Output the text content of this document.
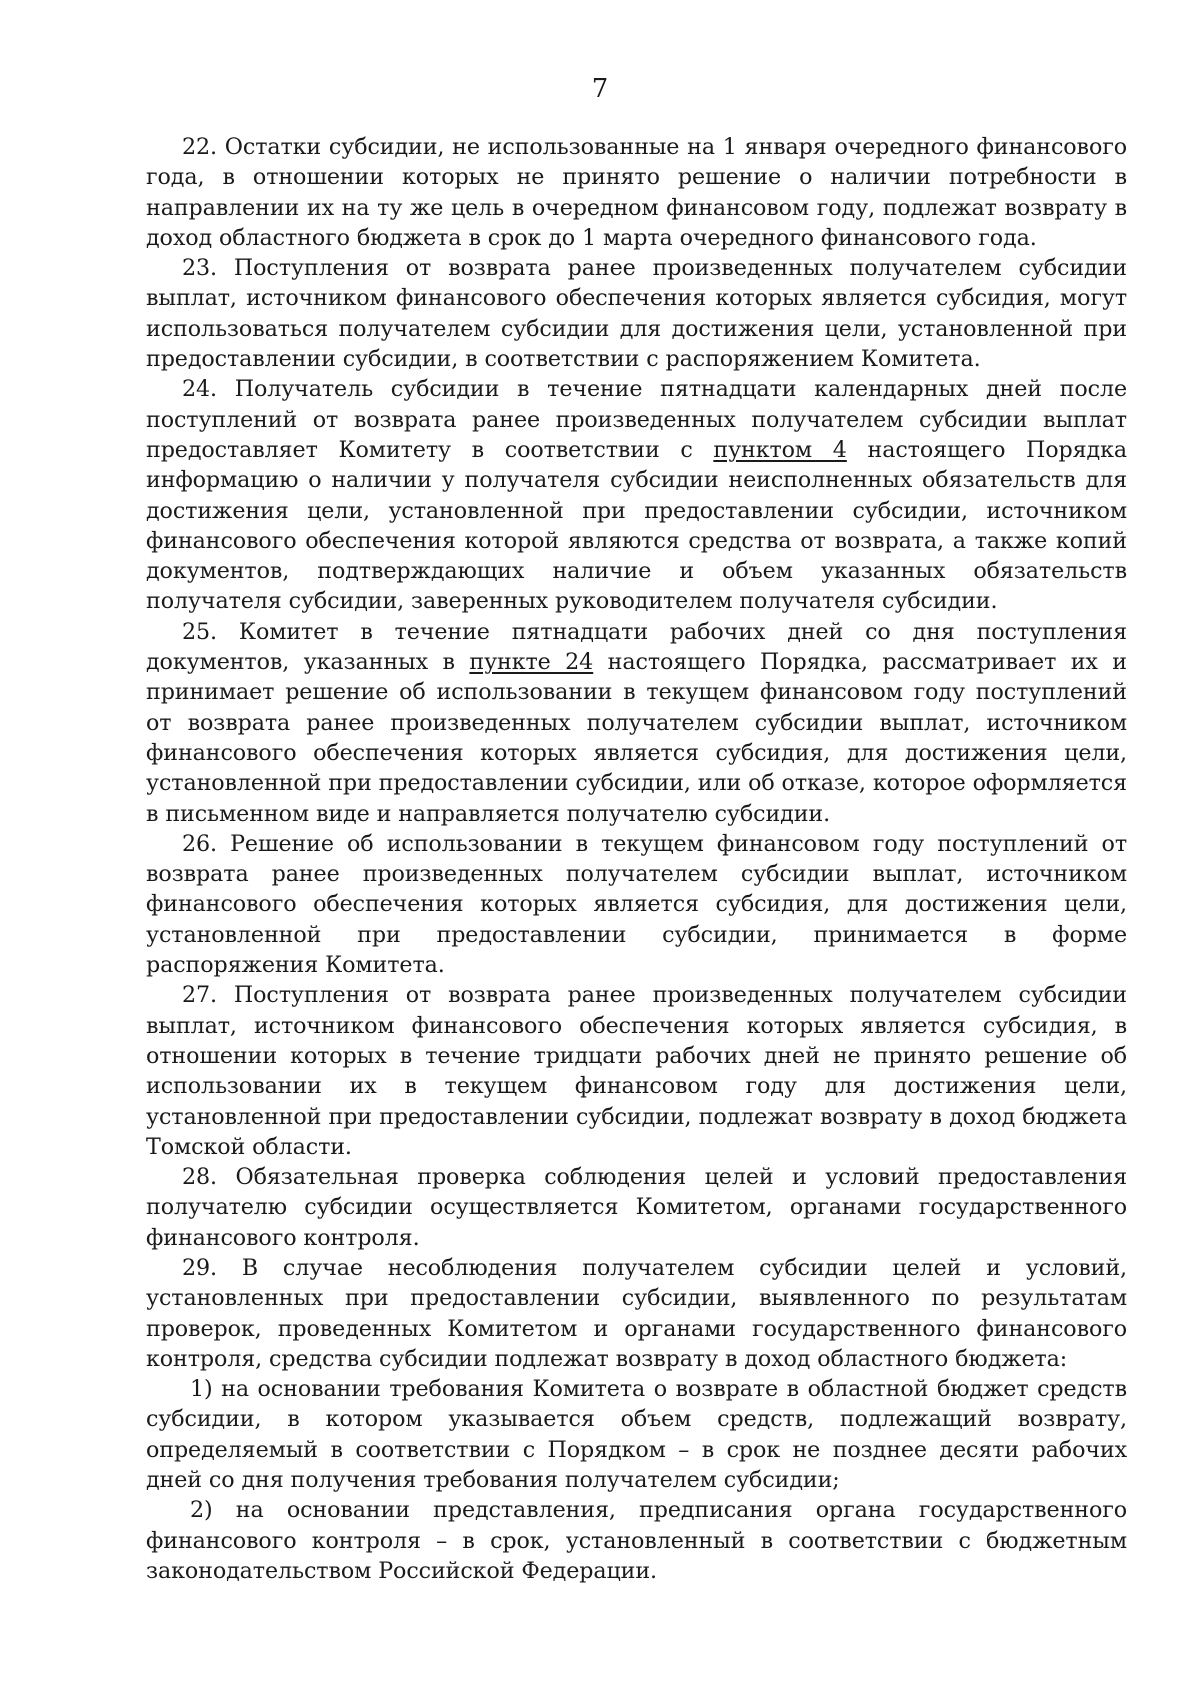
7

22. Остатки субсидии, не использованные на 1 января очередного финансового года, в отношении которых не принято решение о наличии потребности в направлении их на ту же цель в очередном финансовом году, подлежат возврату в доход областного бюджета в срок до 1 марта очередного финансового года.

23. Поступления от возврата ранее произведенных получателем субсидии выплат, источником финансового обеспечения которых является субсидия, могут использоваться получателем субсидии для достижения цели, установленной при предоставлении субсидии, в соответствии с распоряжением Комитета.

24. Получатель субсидии в течение пятнадцати календарных дней после поступлений от возврата ранее произведенных получателем субсидии выплат предоставляет Комитету в соответствии с пунктом 4 настоящего Порядка информацию о наличии у получателя субсидии неисполненных обязательств для достижения цели, установленной при предоставлении субсидии, источником финансового обеспечения которой являются средства от возврата, а также копий документов, подтверждающих наличие и объем указанных обязательств получателя субсидии, заверенных руководителем получателя субсидии.

25. Комитет в течение пятнадцати рабочих дней со дня поступления документов, указанных в пункте 24 настоящего Порядка, рассматривает их и принимает решение об использовании в текущем финансовом году поступлений от возврата ранее произведенных получателем субсидии выплат, источником финансового обеспечения которых является субсидия, для достижения цели, установленной при предоставлении субсидии, или об отказе, которое оформляется в письменном виде и направляется получателю субсидии.

26. Решение об использовании в текущем финансовом году поступлений от возврата ранее произведенных получателем субсидии выплат, источником финансового обеспечения которых является субсидия, для достижения цели, установленной при предоставлении субсидии, принимается в форме распоряжения Комитета.

27. Поступления от возврата ранее произведенных получателем субсидии выплат, источником финансового обеспечения которых является субсидия, в отношении которых в течение тридцати рабочих дней не принято решение об использовании их в текущем финансовом году для достижения цели, установленной при предоставлении субсидии, подлежат возврату в доход бюджета Томской области.

28. Обязательная проверка соблюдения целей и условий предоставления получателю субсидии осуществляется Комитетом, органами государственного финансового контроля.

29. В случае несоблюдения получателем субсидии целей и условий, установленных при предоставлении субсидии, выявленного по результатам проверок, проведенных Комитетом и органами государственного финансового контроля, средства субсидии подлежат возврату в доход областного бюджета:

1) на основании требования Комитета о возврате в областной бюджет средств субсидии, в котором указывается объем средств, подлежащий возврату, определяемый в соответствии с Порядком – в срок не позднее десяти рабочих дней со дня получения требования получателем субсидии;

2) на основании представления, предписания органа государственного финансового контроля – в срок, установленный в соответствии с бюджетным законодательством Российской Федерации.
